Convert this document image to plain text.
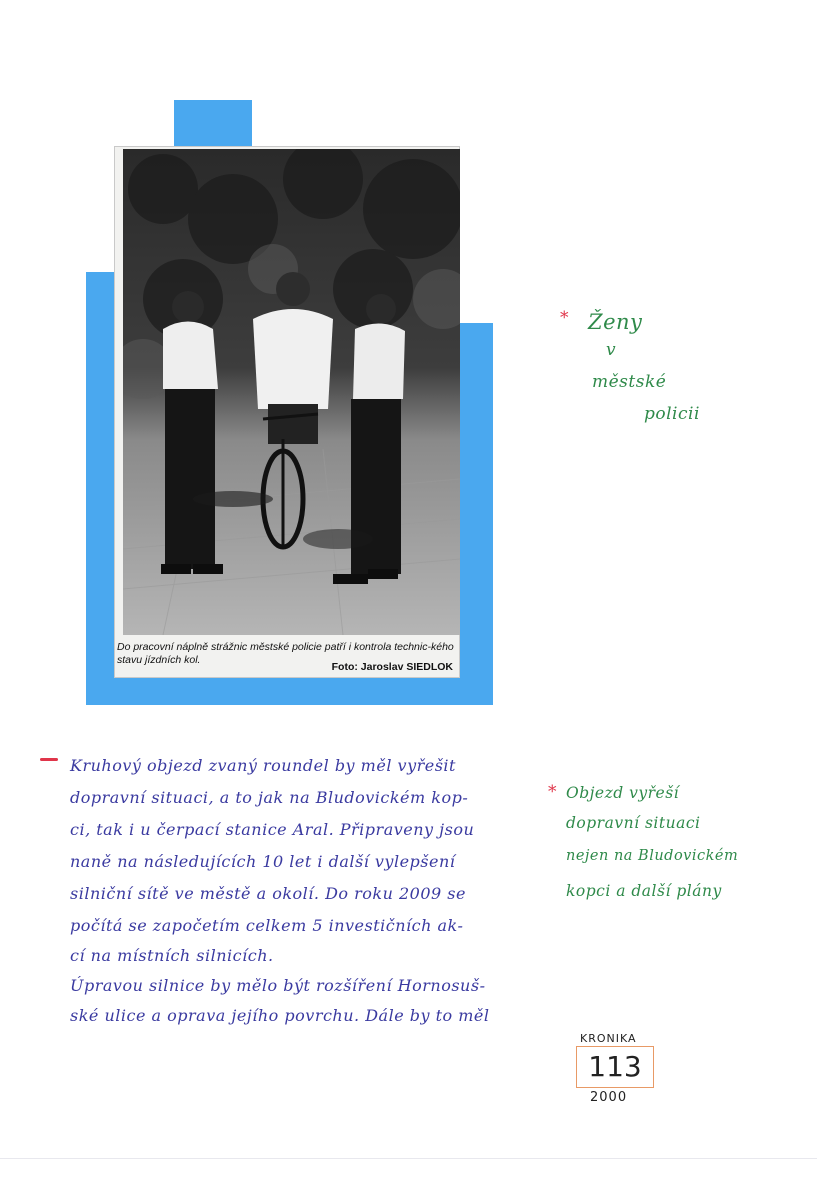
Do pracovní náplně strážnic městské policie patří i kontrola technic-kého stavu jízdních kol.
Foto: Jaroslav SIEDLOK
* Ženy
v
městské
policii
Kruhový objezd zvaný roundel by měl vyřešit
dopravní situaci, a to jak na Bludovickém kop-
ci, tak i u čerpací stanice Aral. Připraveny jsou
naně na následujících 10 let i další vylepšení
silniční sítě ve městě a okolí. Do roku 2009 se
počítá se započetím celkem 5 investičních ak-
cí na místních silnicích.
Úpravou silnice by mělo být rozšíření Hornosuš-
ské ulice a oprava jejího povrchu. Dále by to měl
* Objezd vyřeší
dopravní situaci
nejen na Bludovickém
kopci a další plány
KRONIKA
113
2000
